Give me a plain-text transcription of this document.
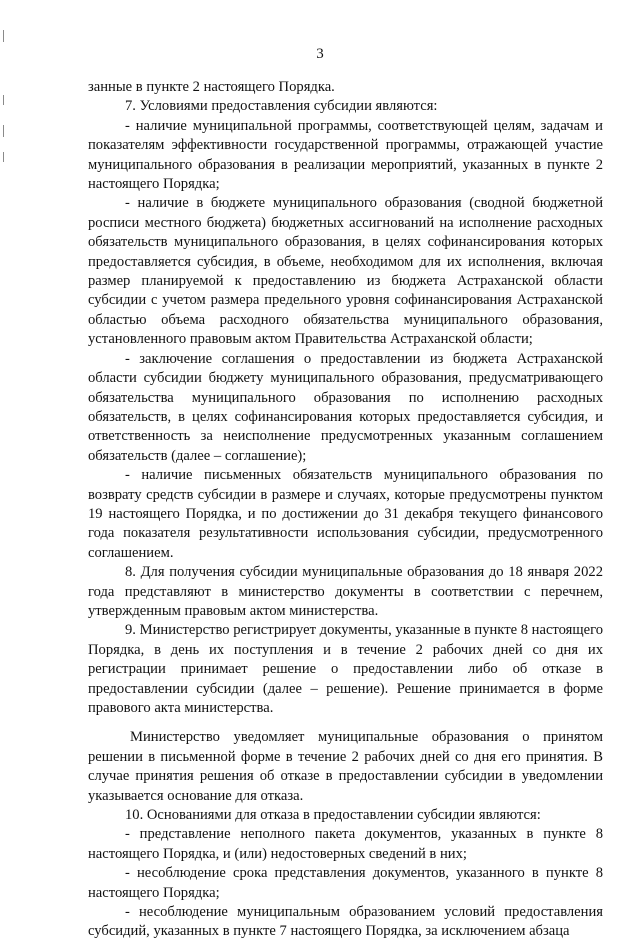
3

занные в пункте 2 настоящего Порядка.

7. Условиями предоставления субсидии являются:

- наличие муниципальной программы, соответствующей целям, задачам и показателям эффективности государственной программы, отражающей участие муниципального образования в реализации мероприятий, указанных в пункте 2 настоящего Порядка;

- наличие в бюджете муниципального образования (сводной бюджетной росписи местного бюджета) бюджетных ассигнований на исполнение расходных обязательств муниципального образования, в целях софинансирования которых предоставляется субсидия, в объеме, необходимом для их исполнения, включая размер планируемой к предоставлению из бюджета Астраханской области субсидии с учетом размера предельного уровня софинансирования Астраханской областью объема расходного обязательства муниципального образования, установленного правовым актом Правительства Астраханской области;

- заключение соглашения о предоставлении из бюджета Астраханской области субсидии бюджету муниципального образования, предусматривающего обязательства муниципального образования по исполнению расходных обязательств, в целях софинансирования которых предоставляется субсидия, и ответственность за неисполнение предусмотренных указанным соглашением обязательств (далее – соглашение);

- наличие письменных обязательств муниципального образования по возврату средств субсидии в размере и случаях, которые предусмотрены пунктом 19 настоящего Порядка, и по достижении до 31 декабря текущего финансового года показателя результативности использования субсидии, предусмотренного соглашением.

8. Для получения субсидии муниципальные образования до 18 января 2022 года представляют в министерство документы в соответствии с перечнем, утвержденным правовым актом министерства.

9. Министерство регистрирует документы, указанные в пункте 8 настоящего Порядка, в день их поступления и в течение 2 рабочих дней со дня их регистрации принимает решение о предоставлении либо об отказе в предоставлении субсидии (далее – решение). Решение принимается в форме правового акта министерства.

Министерство уведомляет муниципальные образования о принятом решении в письменной форме в течение 2 рабочих дней со дня его принятия. В случае принятия решения об отказе в предоставлении субсидии в уведомлении указывается основание для отказа.

10. Основаниями для отказа в предоставлении субсидии являются:

- представление неполного пакета документов, указанных в пункте 8 настоящего Порядка, и (или) недостоверных сведений в них;

- несоблюдение срока представления документов, указанного в пункте 8 настоящего Порядка;

- несоблюдение муниципальным образованием условий предоставления субсидий, указанных в пункте 7 настоящего Порядка, за исключением абзаца
